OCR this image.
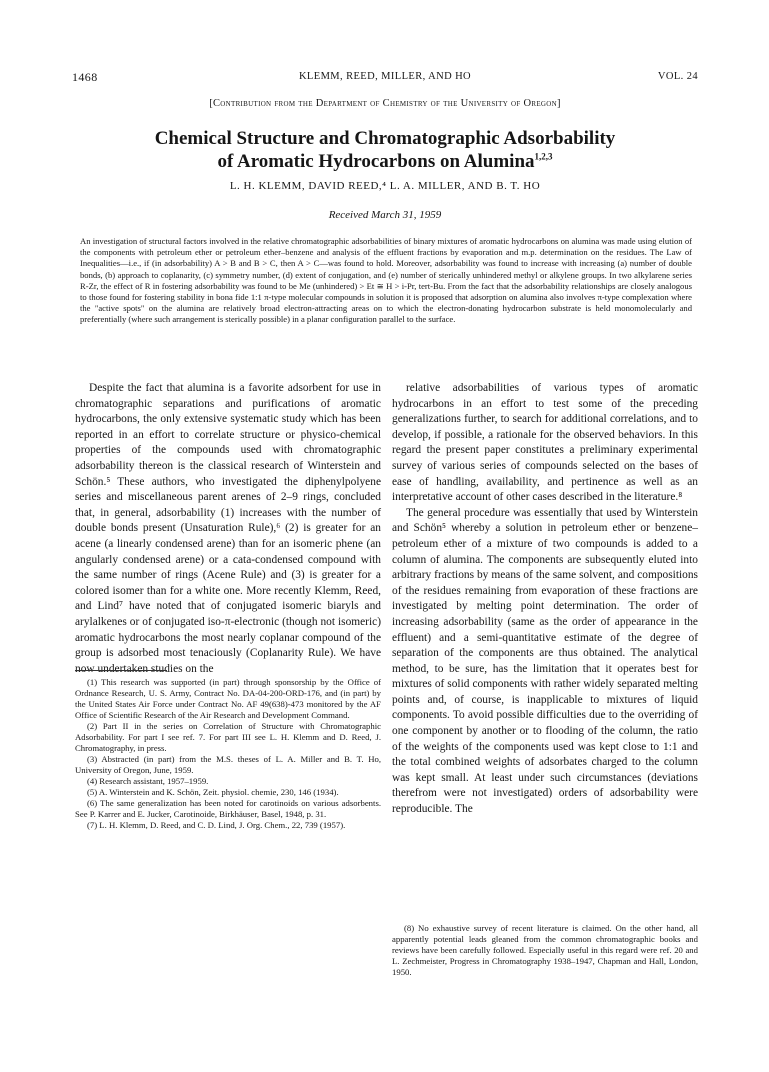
1468	KLEMM, REED, MILLER, AND HO	VOL. 24
[Contribution from the Department of Chemistry of the University of Oregon]
Chemical Structure and Chromatographic Adsorbability
of Aromatic Hydrocarbons on Alumina$^{1,2,3}$
L. H. KLEMM, DAVID REED,⁴ L. A. MILLER, AND B. T. HO
Received March 31, 1959
An investigation of structural factors involved in the relative chromatographic adsorbabilities of binary mixtures of aromatic hydrocarbons on alumina was made using elution of the components with petroleum ether or petroleum ether–benzene and analysis of the effluent fractions by evaporation and m.p. determination on the residues. The Law of Inequalities—i.e., if (in adsorbability) A > B and B > C, then A > C—was found to hold. Moreover, adsorbability was found to increase with increasing (a) number of double bonds, (b) approach to coplanarity, (c) symmetry number, (d) extent of conjugation, and (e) number of sterically unhindered methyl or alkylene groups. In two alkylarene series R-Zr, the effect of R in fostering adsorbability was found to be Me (unhindered) > Et ≅ H > i-Pr, tert-Bu. From the fact that the adsorbability relationships are closely analogous to those found for fostering stability in bona fide 1:1 π-type molecular compounds in solution it is proposed that adsorption on alumina also involves π-type complexation where the "active spots" on the alumina are relatively broad electron-attracting areas on to which the electron-donating hydrocarbon substrate is held monomolecularly and preferentially (where such arrangement is sterically possible) in a planar configuration parallel to the surface.

Despite the fact that alumina is a favorite adsorbent for use in chromatographic separations and purifications of aromatic hydrocarbons, the only extensive systematic study which has been reported in an effort to correlate structure or physico-chemical properties of the compounds used with chromatographic adsorbability thereon is the classical research of Winterstein and Schön.⁵ These authors, who investigated the diphenylpolyene series and miscellaneous parent arenes of 2–9 rings, concluded that, in general, adsorbability (1) increases with the number of double bonds present (Unsaturation Rule),⁶ (2) is greater for an acene (a linearly condensed arene) than for an isomeric phene (an angularly condensed arene) or a cata-condensed compound with the same number of rings (Acene Rule) and (3) is greater for a colored isomer than for a white one. More recently Klemm, Reed, and Lind⁷ have noted that of conjugated isomeric biaryls and arylalkenes or of conjugated iso-π-electronic (though not isomeric) aromatic hydrocarbons the most nearly coplanar compound of the group is adsorbed most tenaciously (Coplanarity Rule). We have now undertaken studies on the

(1) This research was supported (in part) through sponsorship by the Office of Ordnance Research, U. S. Army, Contract No. DA-04-200-ORD-176, and (in part) by the United States Air Force under Contract No. AF 49(638)-473 monitored by the AF Office of Scientific Research of the Air Research and Development Command.

(2) Part II in the series on Correlation of Structure with Chromatographic Adsorbability. For part I see ref. 7. For part III see L. H. Klemm and D. Reed, J. Chromatography, in press.

(3) Abstracted (in part) from the M.S. theses of L. A. Miller and B. T. Ho, University of Oregon, June, 1959.

(4) Research assistant, 1957–1959.

(5) A. Winterstein and K. Schön, Zeit. physiol. chemie, 230, 146 (1934).

(6) The same generalization has been noted for carotinoids on various adsorbents. See P. Karrer and E. Jucker, Carotinoide, Birkhäuser, Basel, 1948, p. 31.

(7) L. H. Klemm, D. Reed, and C. D. Lind, J. Org. Chem., 22, 739 (1957).

relative adsorbabilities of various types of aromatic hydrocarbons in an effort to test some of the preceding generalizations further, to search for additional correlations, and to develop, if possible, a rationale for the observed behaviors. In this regard the present paper constitutes a preliminary experimental survey of various series of compounds selected on the bases of ease of handling, availability, and pertinence as well as an interpretative account of other cases described in the literature.⁸

The general procedure was essentially that used by Winterstein and Schön⁵ whereby a solution in petroleum ether or benzene–petroleum ether of a mixture of two compounds is added to a column of alumina. The components are subsequently eluted into arbitrary fractions by means of the same solvent, and compositions of the residues remaining from evaporation of these fractions are investigated by melting point determination. The order of increasing adsorbability (same as the order of appearance in the effluent) and a semi-quantitative estimate of the degree of separation of the components are thus obtained. The analytical method, to be sure, has the limitation that it operates best for mixtures of solid components with rather widely separated melting points and, of course, is inapplicable to mixtures of liquid components. To avoid possible difficulties due to the overriding of one component by another or to flooding of the column, the ratio of the weights of the components used was kept close to 1:1 and the total combined weights of adsorbates charged to the column was kept small. At least under such circumstances (deviations therefrom were not investigated) orders of adsorbability were reproducible. The

(8) No exhaustive survey of recent literature is claimed. On the other hand, all apparently potential leads gleaned from the common chromatographic books and reviews have been carefully followed. Especially useful in this regard were ref. 20 and L. Zechmeister, Progress in Chromatography 1938–1947, Chapman and Hall, London, 1950.
